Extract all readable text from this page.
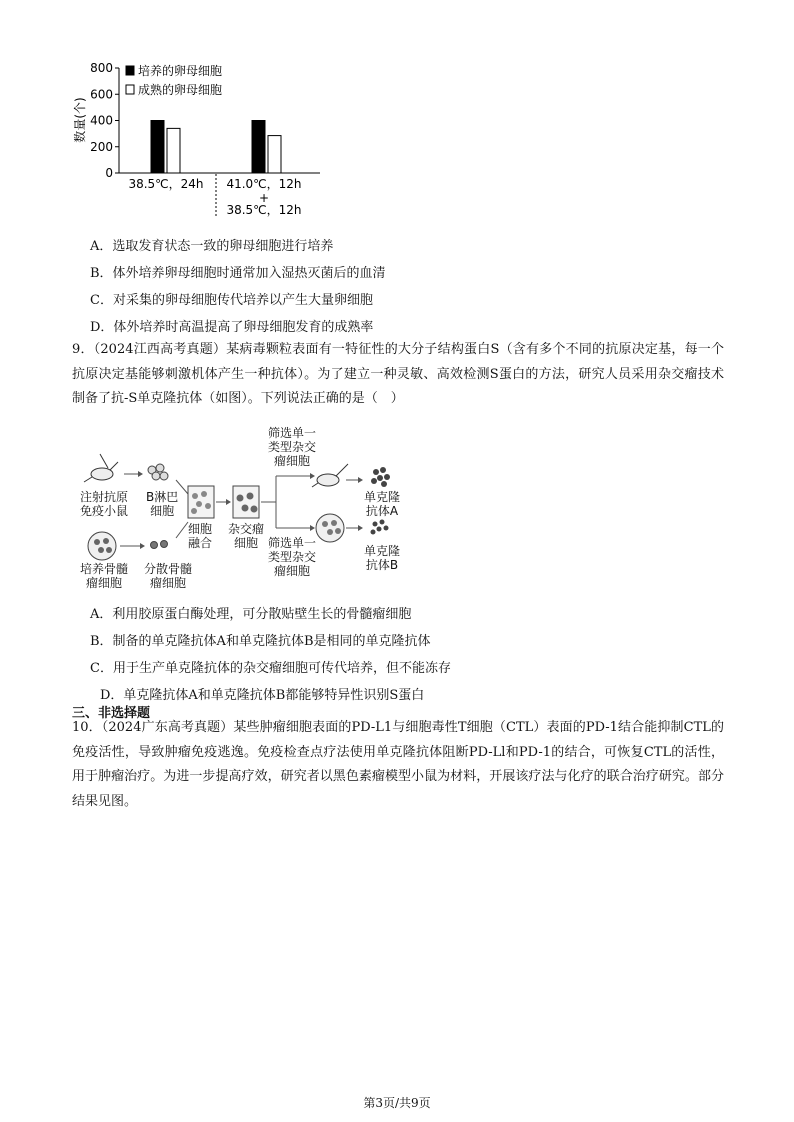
0
200
400
600
800 培养的卵母细胞
成熟的卵母细胞
数量(个)
38.5℃，24h 41.0℃，12h
+
38.5℃，12h
A．选取发育状态一致的卵母细胞进行培养
B．体外培养卵母细胞时通常加入湿热灭菌后的血清
C．对采集的卵母细胞传代培养以产生大量卵细胞
D．体外培养时高温提高了卵母细胞发育的成熟率
9．（2024江西高考真题）某病毒颗粒表面有一特征性的大分子结构蛋白S（含有多个不同的抗原决定基，每一个抗原决定基能够刺激机体产生一种抗体）。为了建立一种灵敏、高效检测S蛋白的方法，研究人员采用杂交瘤技术制备了抗-S单克隆抗体（如图）。下列说法正确的是（　）
注射抗原
免疫小鼠
B淋巴
细胞
细胞
融合
杂交瘤
细胞
培养骨髓
瘤细胞
分散骨髓
瘤细胞
筛选单一
类型杂交
瘤细胞
筛选单一
类型杂交
瘤细胞
单克隆
抗体A
单克隆
抗体B
A．利用胶原蛋白酶处理，可分散贴壁生长的骨髓瘤细胞
B．制备的单克隆抗体A和单克隆抗体B是相同的单克隆抗体
C．用于生产单克隆抗体的杂交瘤细胞可传代培养，但不能冻存
D．单克隆抗体A和单克隆抗体B都能够特异性识别S蛋白
三、非选择题
10．（2024广东高考真题）某些肿瘤细胞表面的PD-L1与细胞毒性T细胞（CTL）表面的PD-1结合能抑制CTL的免疫活性，导致肿瘤免疫逃逸。免疫检查点疗法使用单克隆抗体阻断PD-Ll和PD-1的结合，可恢复CTL的活性，用于肿瘤治疗。为进一步提高疗效，研究者以黑色素瘤模型小鼠为材料，开展该疗法与化疗的联合治疗研究。部分结果见图。
第3页/共9页
